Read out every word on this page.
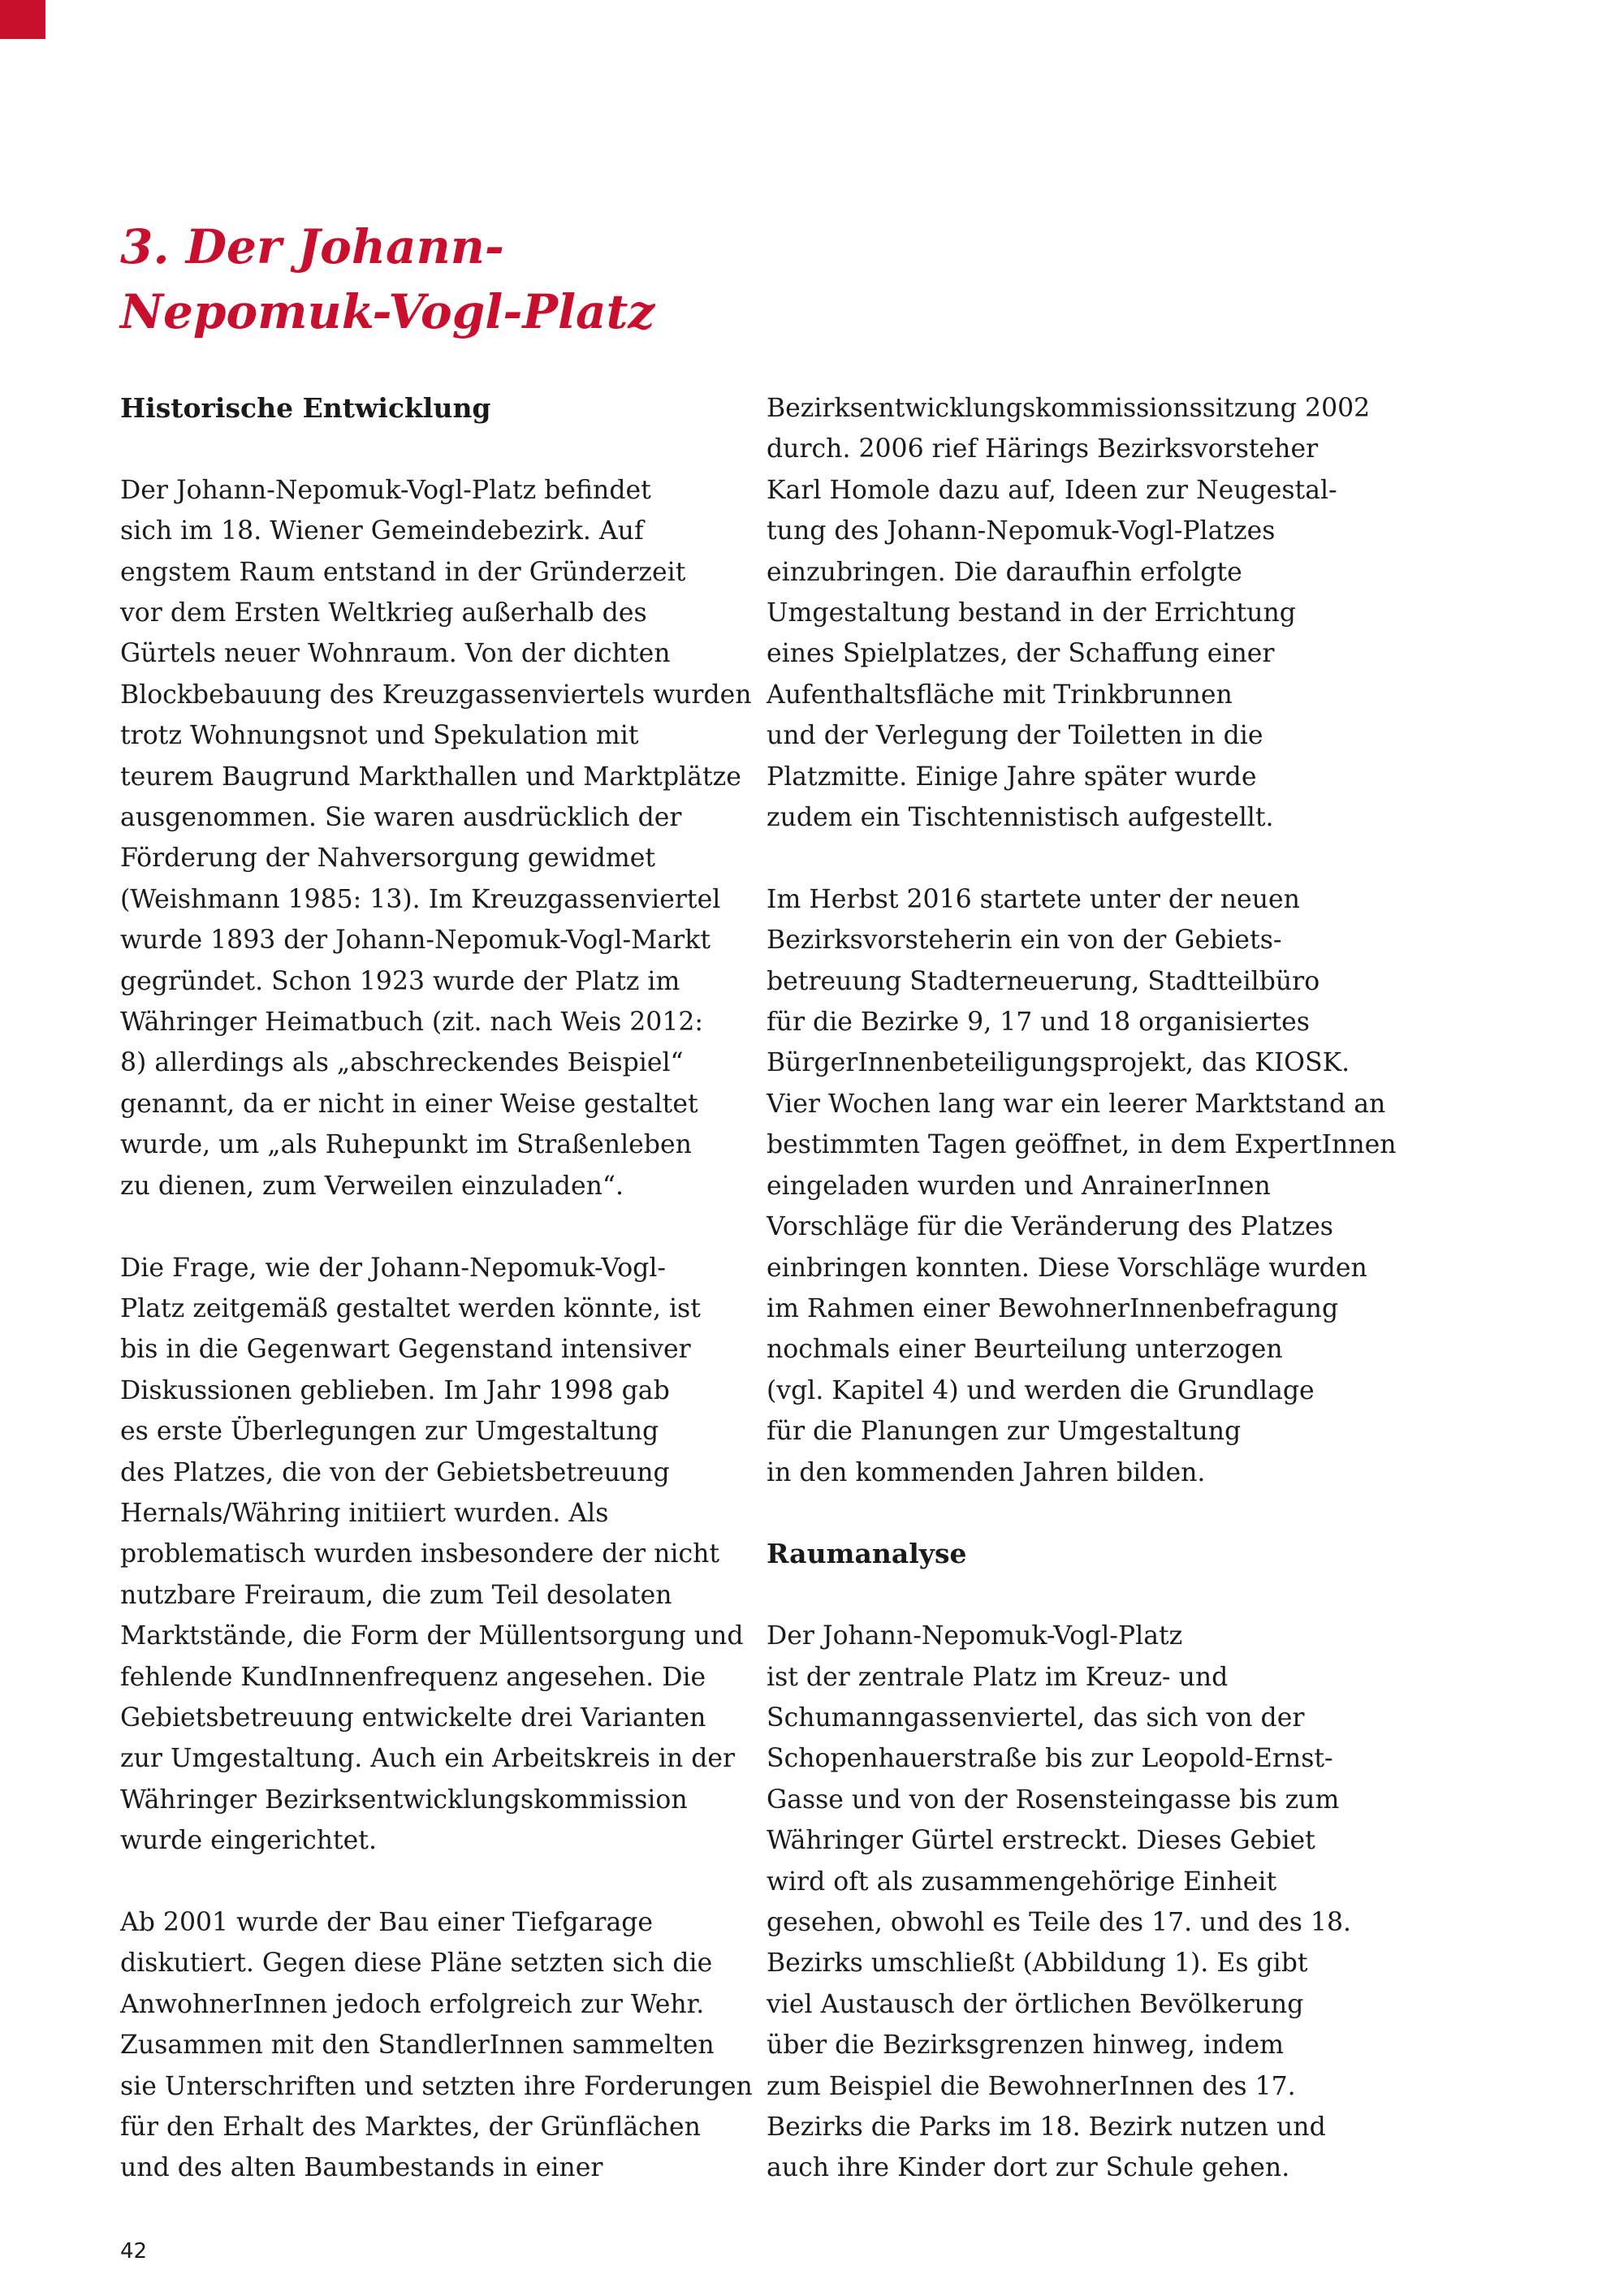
3. Der Johann-
Nepomuk-Vogl-Platz
Historische Entwicklung
Der Johann-Nepomuk-Vogl-Platz befindet
sich im 18. Wiener Gemeindebezirk. Auf
engstem Raum entstand in der Gründerzeit
vor dem Ersten Weltkrieg außerhalb des
Gürtels neuer Wohnraum. Von der dichten
Blockbebauung des Kreuzgassenviertels wurden
trotz Wohnungsnot und Spekulation mit
teurem Baugrund Markthallen und Marktplätze
ausgenommen. Sie waren ausdrücklich der
Förderung der Nahversorgung gewidmet
(Weishmann 1985: 13). Im Kreuzgassenviertel
wurde 1893 der Johann-Nepomuk-Vogl-Markt
gegründet. Schon 1923 wurde der Platz im
Währinger Heimatbuch (zit. nach Weis 2012:
8) allerdings als „abschreckendes Beispiel“
genannt, da er nicht in einer Weise gestaltet
wurde, um „als Ruhepunkt im Straßenleben
zu dienen, zum Verweilen einzuladen“.
Die Frage, wie der Johann-Nepomuk-Vogl-
Platz zeitgemäß gestaltet werden könnte, ist
bis in die Gegenwart Gegenstand intensiver
Diskussionen geblieben. Im Jahr 1998 gab
es erste Überlegungen zur Umgestaltung
des Platzes, die von der Gebietsbetreuung
Hernals/Währing initiiert wurden. Als
problematisch wurden insbesondere der nicht
nutzbare Freiraum, die zum Teil desolaten
Marktstände, die Form der Müllentsorgung und
fehlende KundInnenfrequenz angesehen. Die
Gebietsbetreuung entwickelte drei Varianten
zur Umgestaltung. Auch ein Arbeitskreis in der
Währinger Bezirksentwicklungskommission
wurde eingerichtet.
Ab 2001 wurde der Bau einer Tiefgarage
diskutiert. Gegen diese Pläne setzten sich die
AnwohnerInnen jedoch erfolgreich zur Wehr.
Zusammen mit den StandlerInnen sammelten
sie Unterschriften und setzten ihre Forderungen
für den Erhalt des Marktes, der Grünflächen
und des alten Baumbestands in einer
Bezirksentwicklungskommissionssitzung 2002
durch. 2006 rief Härings Bezirksvorsteher
Karl Homole dazu auf, Ideen zur Neugestal-
tung des Johann-Nepomuk-Vogl-Platzes
einzubringen. Die daraufhin erfolgte
Umgestaltung bestand in der Errichtung
eines Spielplatzes, der Schaffung einer
Aufenthaltsfläche mit Trinkbrunnen
und der Verlegung der Toiletten in die
Platzmitte. Einige Jahre später wurde
zudem ein Tischtennistisch aufgestellt.
Im Herbst 2016 startete unter der neuen
Bezirksvorsteherin ein von der Gebiets-
betreuung Stadterneuerung, Stadtteilbüro
für die Bezirke 9, 17 und 18 organisiertes
BürgerInnenbeteiligungsprojekt, das KIOSK.
Vier Wochen lang war ein leerer Marktstand an
bestimmten Tagen geöffnet, in dem ExpertInnen
eingeladen wurden und AnrainerInnen
Vorschläge für die Veränderung des Platzes
einbringen konnten. Diese Vorschläge wurden
im Rahmen einer BewohnerInnenbefragung
nochmals einer Beurteilung unterzogen
(vgl. Kapitel 4) und werden die Grundlage
für die Planungen zur Umgestaltung
in den kommenden Jahren bilden.
Raumanalyse
Der Johann-Nepomuk-Vogl-Platz
ist der zentrale Platz im Kreuz- und
Schumanngassenviertel, das sich von der
Schopenhauerstraße bis zur Leopold-Ernst-
Gasse und von der Rosensteingasse bis zum
Währinger Gürtel erstreckt. Dieses Gebiet
wird oft als zusammengehörige Einheit
gesehen, obwohl es Teile des 17. und des 18.
Bezirks umschließt (Abbildung 1). Es gibt
viel Austausch der örtlichen Bevölkerung
über die Bezirksgrenzen hinweg, indem
zum Beispiel die BewohnerInnen des 17.
Bezirks die Parks im 18. Bezirk nutzen und
auch ihre Kinder dort zur Schule gehen.
42
